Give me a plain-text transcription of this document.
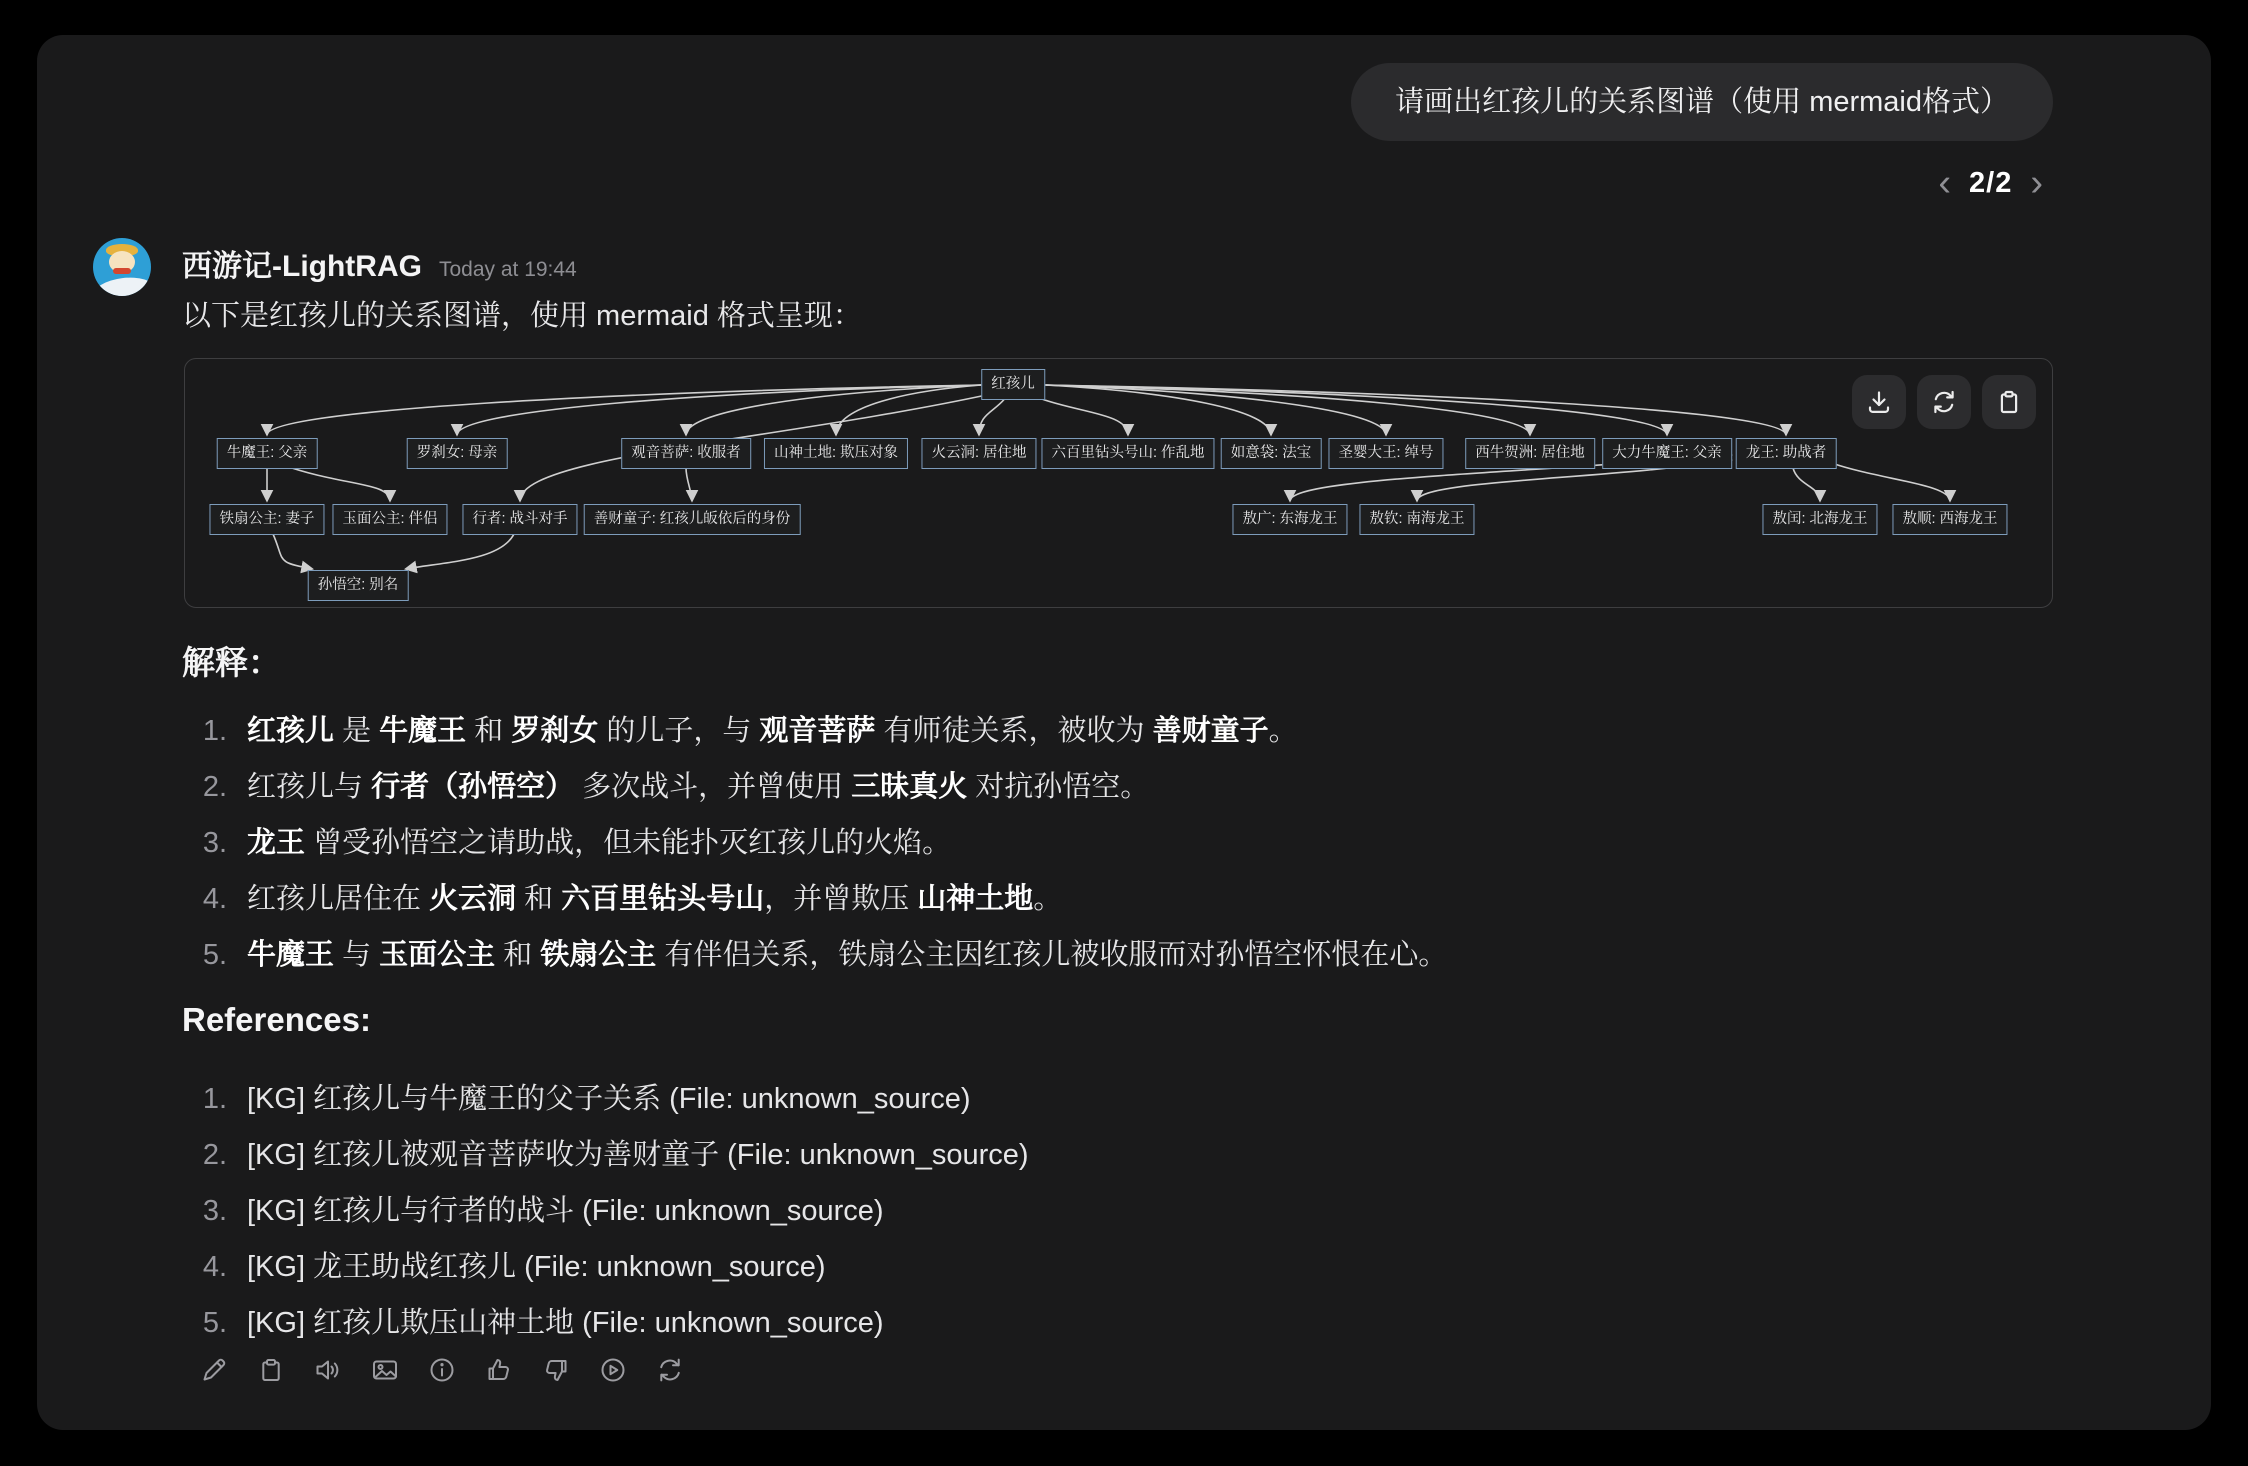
请画出红孩儿的关系图谱（使用 mermaid格式）
‹ 2/2 ›
西游记-LightRAG Today at 19:44
以下是红孩儿的关系图谱，使用 mermaid 格式呈现：
红孩儿
牛魔王: 父亲	罗刹女: 母亲	观音菩萨: 收服者	山神土地: 欺压对象	火云洞: 居住地	六百里钻头号山: 作乱地	如意袋: 法宝	圣婴大王: 绰号	西牛贺洲: 居住地	大力牛魔王: 父亲	龙王: 助战者
铁扇公主: 妻子	玉面公主: 伴侣	行者: 战斗对手	善财童子: 红孩儿皈依后的身份	敖广: 东海龙王	敖钦: 南海龙王	敖闰: 北海龙王	敖顺: 西海龙王
孙悟空: 别名
解释：
1. 红孩儿 是 牛魔王 和 罗刹女 的儿子，与 观音菩萨 有师徒关系，被收为 善财童子。
2. 红孩儿与 行者（孙悟空） 多次战斗，并曾使用 三昧真火 对抗孙悟空。
3. 龙王 曾受孙悟空之请助战，但未能扑灭红孩儿的火焰。
4. 红孩儿居住在 火云洞 和 六百里钻头号山，并曾欺压 山神土地。
5. 牛魔王 与 玉面公主 和 铁扇公主 有伴侣关系，铁扇公主因红孩儿被收服而对孙悟空怀恨在心。
References:
1. [KG] 红孩儿与牛魔王的父子关系 (File: unknown_source)
2. [KG] 红孩儿被观音菩萨收为善财童子 (File: unknown_source)
3. [KG] 红孩儿与行者的战斗 (File: unknown_source)
4. [KG] 龙王助战红孩儿 (File: unknown_source)
5. [KG] 红孩儿欺压山神土地 (File: unknown_source)
